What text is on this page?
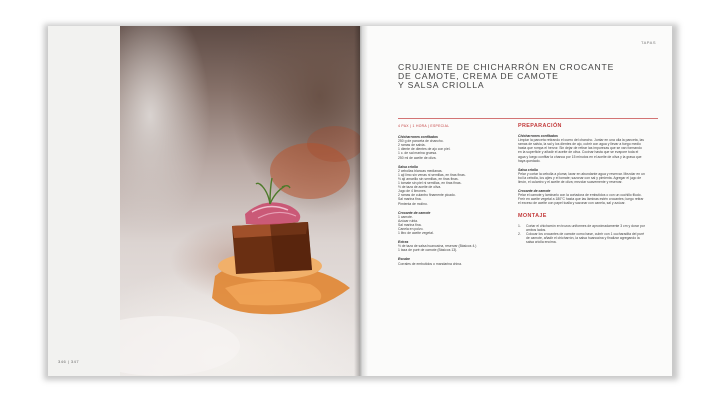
346 | 347
TAPAS
CRUJIENTE DE CHICHARRÓN EN CROCANTE
DE CAMOTE, CREMA DE CAMOTE
Y SALSA CRIOLLA
4 PAX | 1 HORA | ESPECIAL
Chicharrones confitados
250 g de panceta de chancho.
2 ramas de salvia.
1 diente de dientes de ajo con piel.
1 c. de sal marina gruesa.
250 ml de aceite de oliva.
Salsa criolla
2 cebollas blancas medianas.
1 ají limo sin venas ni semillas, en tiras finas.
½ ají amarillo sin semillas, en tiras finas.
1 tomate sin piel ni semillas, en tiras finas.
½ de taza de aceite de oliva.
Jugo de 4 limones.
2 ramas de culantro finamente picado.
Sal marina fina.
Pimienta de molino.
Crocante de camote
1 camote.
Azúcar rubia.
Sal marina fina.
Canela en polvo.
1 litro de aceite vegetal.
Extras
½ de taza de salsa huancaína, reservar (Básicos 4.)
1 taza de puré de camote (Básicos 13).
Escabe
Corrales de embutidos o mandarina china.
PREPARACIÓN
Chicharrones confitados

Limpiar la panceta retirando el cuero del chancho. Juntar en una olla la panceta, las ramas de salvia, la sal y los dientes de ajo, cubrir con agua y llevar a fuego medio hasta que rompa el hervor. Sin dejar de retirar las impurezas que se van formando en la superficie y añadir el aceite de oliva. Cocinar hasta que se evapore toda el agua y luego confitar la chanca por 15 minutos en el aceite de oliva y la grasa que haya quedado.

Salsa criolla

Pelar y cortar la cebolla a pluma; lavar en abundante agua y reservar. Mezclar en un bol la cebolla, los ajíes y el tomate; sazonar con sal y pimienta. Agregar el jugo de limón, el culantro y el aceite de oliva; mezclar suavemente y reservar.

Crocante de camote

Pelar el camote y laminarlo con la cortadora de embutidos o con un cuchillo filudo. Freír en aceite vegetal a 180°C hasta que las láminas estén crocantes; luego retirar el exceso de aceite con papel toalla y sazonar con canela, sal y azúcar.

MONTAJE
1.	Cortar el chicharrón en trozos uniformes de aproximadamente 3 cm y dorar por ambos lados.
2.	Colocar los crocantes de camote como base, cubrir con 1 cucharadita del puré de camote, añadir el chicharrón, la salsa huancaína y finalizar agregando la salsa criolla encima.
